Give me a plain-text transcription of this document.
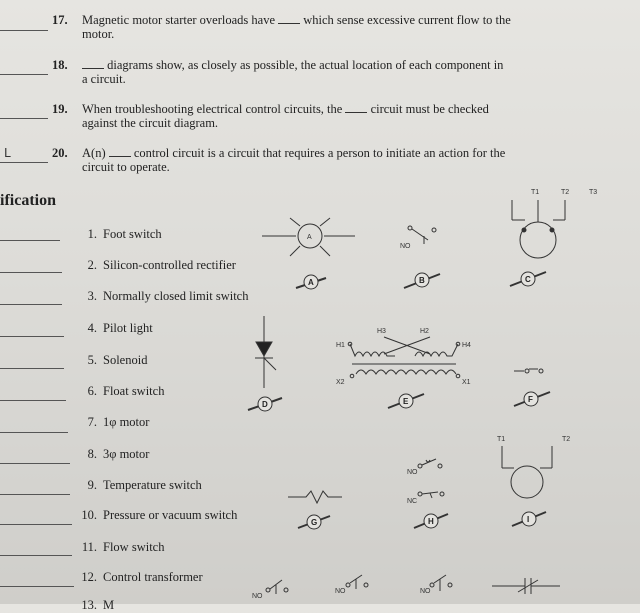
17. Magnetic motor starter overloads have which sense excessive current flow to the
motor.
18.	diagrams show, as closely as possible, the actual location of each component in
a circuit.
19. When troubleshooting electrical control circuits, the circuit must be checked
against the circuit diagram.
L	20. A(n) control circuit is a circuit that requires a person to initiate an action for the
circuit to operate.
ification
1. Foot switch
2. Silicon-controlled rectifier
3. Normally closed limit switch
4. Pilot light
5. Solenoid
6. Float switch
7. 1φ motor
8. 3φ motor
9. Temperature switch
10. Pressure or vacuum switch
11. Flow switch
12. Control transformer
13. M
A
NO
T1	T2	T3
H3	H2
H1	H4
X2	X1
T1	T2
NO
NC
NO
NO	NO
A	B	C
D	E	F
G	H	I
